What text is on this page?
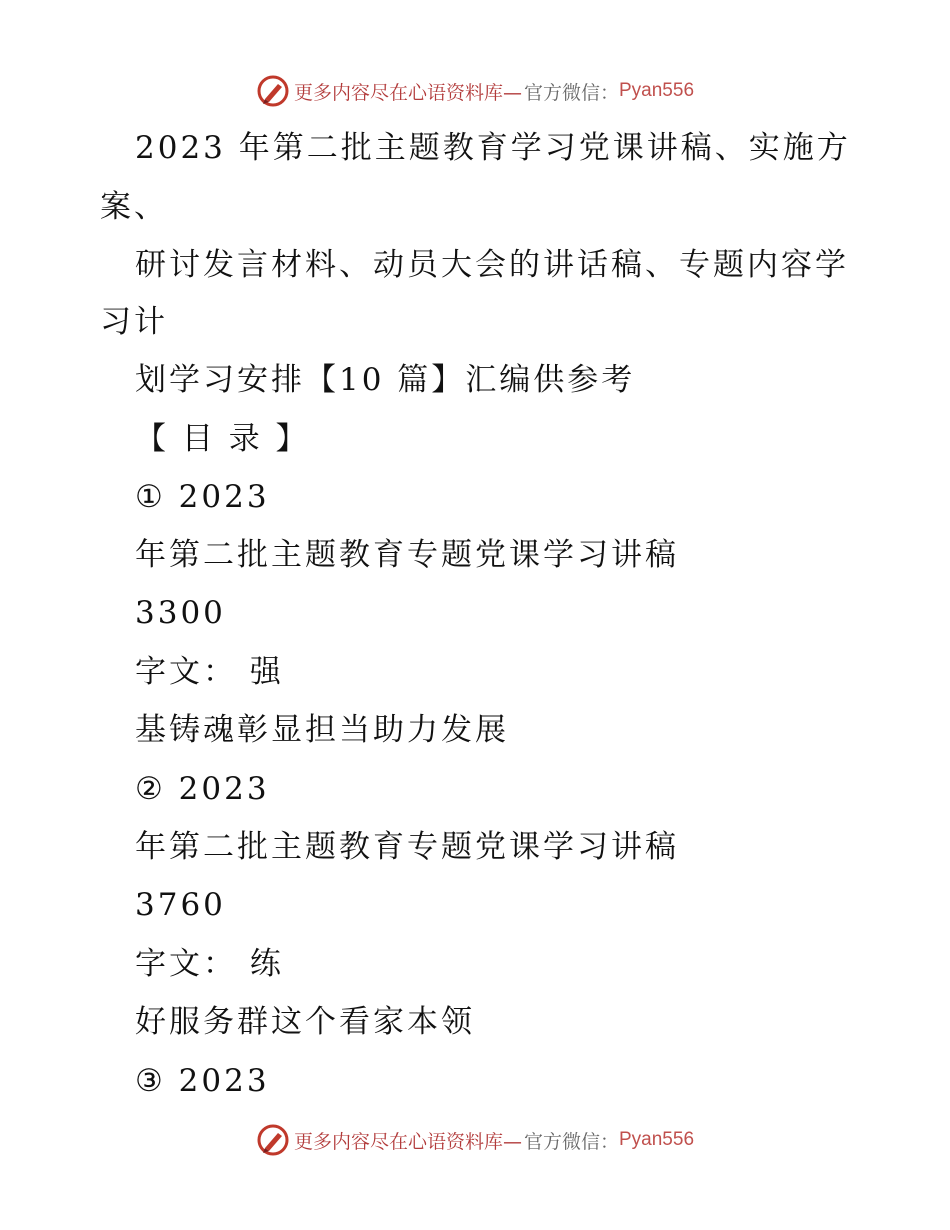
更多内容尽在心语资料库— 官方微信： Pyan556
2023 年第二批主题教育学习党课讲稿、实施方
案、
研讨发言材料、动员大会的讲话稿、专题内容学
习计
划学习安排【10 篇】汇编供参考
【 目 录 】
① 2023
年第二批主题教育专题党课学习讲稿
3300
字文： 强
基铸魂彰显担当助力发展
② 2023
年第二批主题教育专题党课学习讲稿
3760
字文： 练
好服务群这个看家本领
③ 2023
更多内容尽在心语资料库— 官方微信： Pyan556
